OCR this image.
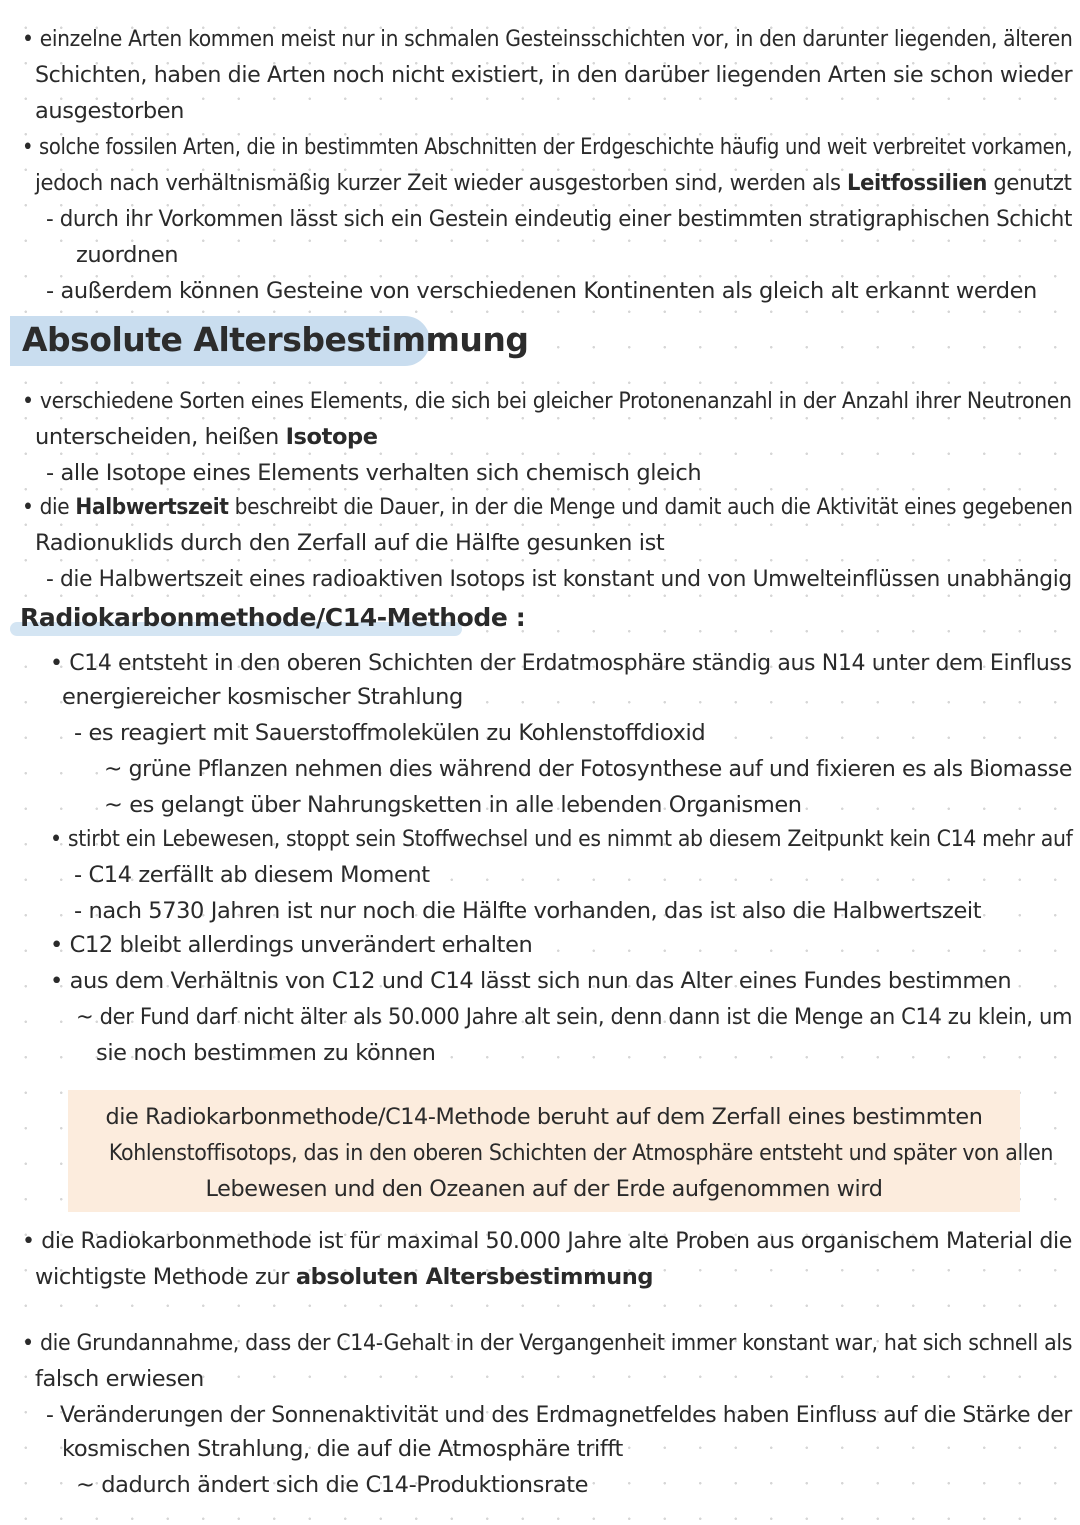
• einzelne Arten kommen meist nur in schmalen Gesteinsschichten vor, in den darunter liegenden, älteren
Schichten, haben die Arten noch nicht existiert, in den darüber liegenden Arten sie schon wieder
ausgestorben
• solche fossilen Arten, die in bestimmten Abschnitten der Erdgeschichte häufig und weit verbreitet vorkamen,
jedoch nach verhältnismäßig kurzer Zeit wieder ausgestorben sind, werden als Leitfossilien genutzt
- durch ihr Vorkommen lässt sich ein Gestein eindeutig einer bestimmten stratigraphischen Schicht
zuordnen
- außerdem können Gesteine von verschiedenen Kontinenten als gleich alt erkannt werden
Absolute Altersbestimmung
• verschiedene Sorten eines Elements, die sich bei gleicher Protonenanzahl in der Anzahl ihrer Neutronen
unterscheiden, heißen Isotope
- alle Isotope eines Elements verhalten sich chemisch gleich
• die Halbwertszeit beschreibt die Dauer, in der die Menge und damit auch die Aktivität eines gegebenen
Radionuklids durch den Zerfall auf die Hälfte gesunken ist
- die Halbwertszeit eines radioaktiven Isotops ist konstant und von Umwelteinflüssen unabhängig
Radiokarbonmethode/C14-Methode :
• C14 entsteht in den oberen Schichten der Erdatmosphäre ständig aus N14 unter dem Einfluss
energiereicher kosmischer Strahlung
- es reagiert mit Sauerstoffmolekülen zu Kohlenstoffdioxid
~ grüne Pflanzen nehmen dies während der Fotosynthese auf und fixieren es als Biomasse
~ es gelangt über Nahrungsketten in alle lebenden Organismen
• stirbt ein Lebewesen, stoppt sein Stoffwechsel und es nimmt ab diesem Zeitpunkt kein C14 mehr auf
- C14 zerfällt ab diesem Moment
- nach 5730 Jahren ist nur noch die Hälfte vorhanden, das ist also die Halbwertszeit
• C12 bleibt allerdings unverändert erhalten
• aus dem Verhältnis von C12 und C14 lässt sich nun das Alter eines Fundes bestimmen
~ der Fund darf nicht älter als 50.000 Jahre alt sein, denn dann ist die Menge an C14 zu klein, um
sie noch bestimmen zu können
die Radiokarbonmethode/C14-Methode beruht auf dem Zerfall eines bestimmten
Kohlenstoffisotops, das in den oberen Schichten der Atmosphäre entsteht und später von allen
Lebewesen und den Ozeanen auf der Erde aufgenommen wird
• die Radiokarbonmethode ist für maximal 50.000 Jahre alte Proben aus organischem Material die
wichtigste Methode zur absoluten Altersbestimmung
• die Grundannahme, dass der C14-Gehalt in der Vergangenheit immer konstant war, hat sich schnell als
falsch erwiesen
- Veränderungen der Sonnenaktivität und des Erdmagnetfeldes haben Einfluss auf die Stärke der
kosmischen Strahlung, die auf die Atmosphäre trifft
~ dadurch ändert sich die C14-Produktionsrate
